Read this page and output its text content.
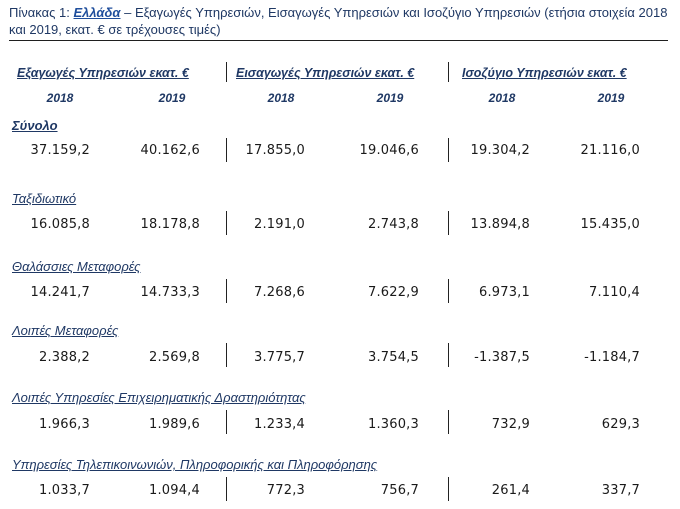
Πίνακας 1: Ελλάδα – Εξαγωγές Υπηρεσιών, Εισαγωγές Υπηρεσιών και Ισοζύγιο Υπηρεσιών (ετήσια στοιχεία 2018 και 2019, εκατ. € σε τρέχουσες τιμές)
Εξαγωγές Υπηρεσιών εκατ. €	Εισαγωγές Υπηρεσιών εκατ. €	Ισοζύγιο Υπηρεσιών εκατ. €
2018	2019	2018	2019	2018	2019
Σύνολο
37.159,2	40.162,6	17.855,0	19.046,6	19.304,2	21.116,0
Ταξιδιωτικό
16.085,8	18.178,8	2.191,0	2.743,8	13.894,8	15.435,0
Θαλάσσιες Μεταφορές
14.241,7	14.733,3	7.268,6	7.622,9	6.973,1	7.110,4
Λοιπές Μεταφορές
2.388,2	2.569,8	3.775,7	3.754,5	-1.387,5	-1.184,7
Λοιπές Υπηρεσίες Επιχειρηματικής Δραστηριότητας
1.966,3	1.989,6	1.233,4	1.360,3	732,9	629,3
Υπηρεσίες Τηλεπικοινωνιών, Πληροφορικής και Πληροφόρησης
1.033,7	1.094,4	772,3	756,7	261,4	337,7
